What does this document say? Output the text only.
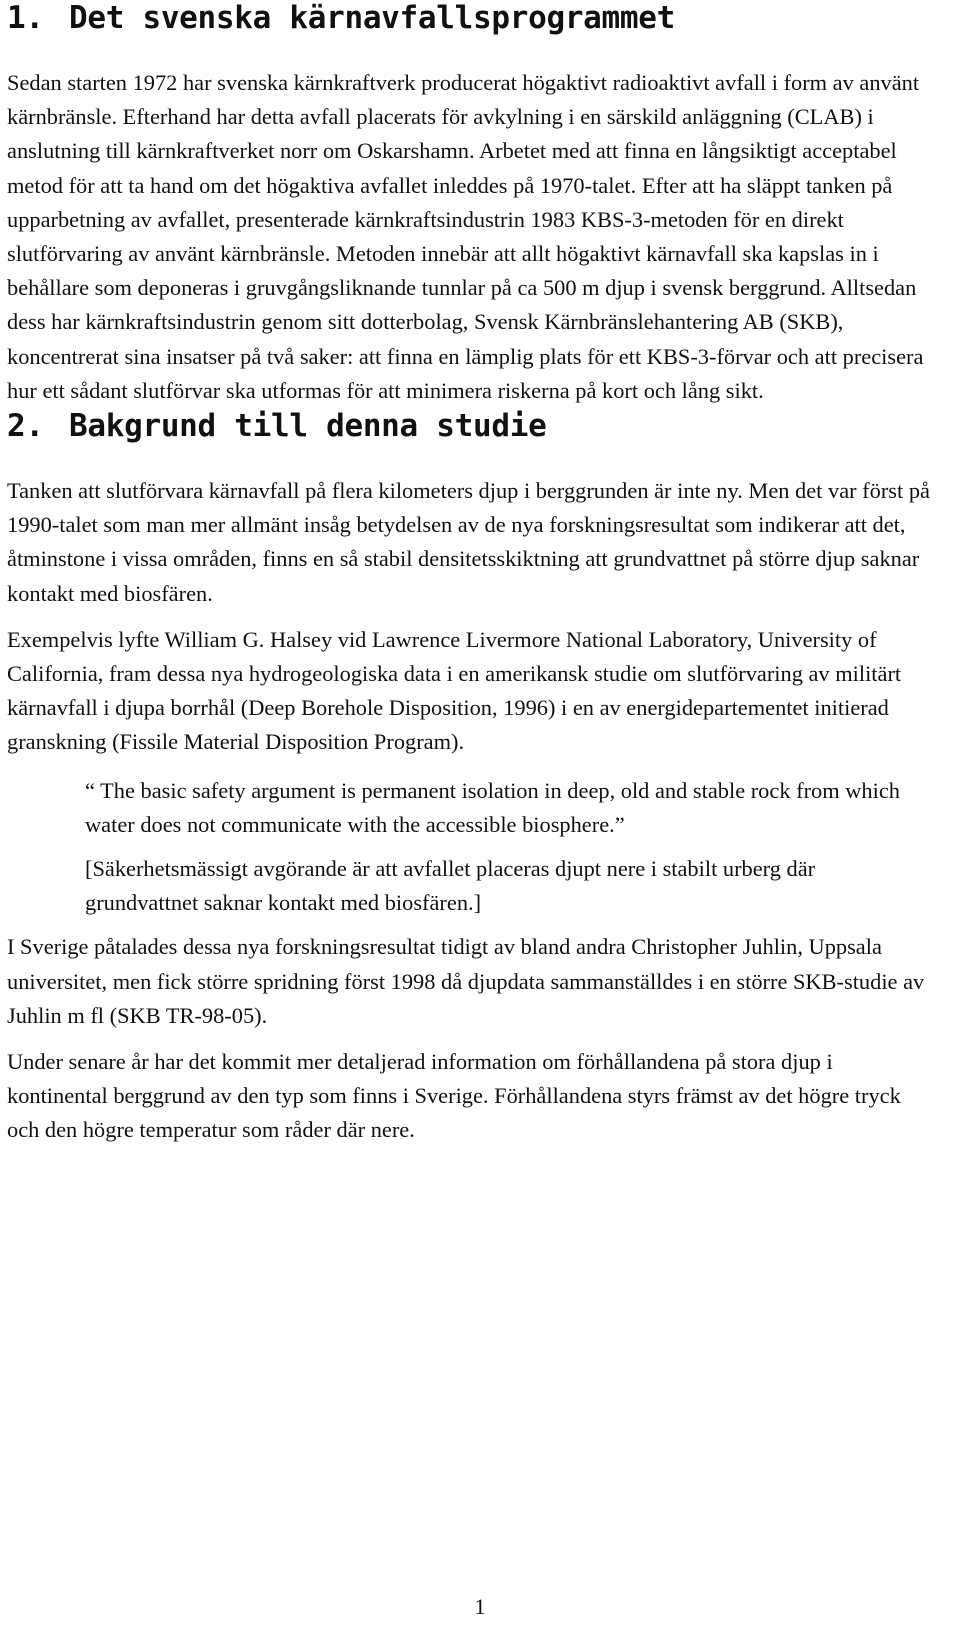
1. Det svenska kärnavfallsprogrammet

Sedan starten 1972 har svenska kärnkraftverk producerat högaktivt radioaktivt avfall i form av använt kärnbränsle. Efterhand har detta avfall placerats för avkylning i en särskild anläggning (CLAB) i anslutning till kärnkraftverket norr om Oskarshamn. Arbetet med att finna en långsiktigt acceptabel metod för att ta hand om det högaktiva avfallet inleddes på 1970-talet. Efter att ha släppt tanken på upparbetning av avfallet, presenterade kärnkraftsindustrin 1983 KBS-3-metoden för en direkt slutförvaring av använt kärnbränsle. Metoden innebär att allt högaktivt kärnavfall ska kapslas in i behållare som deponeras i gruvgångsliknande tunnlar på ca 500 m djup i svensk berggrund. Alltsedan dess har kärnkraftsindustrin genom sitt dotterbolag, Svensk Kärnbränslehantering AB (SKB), koncentrerat sina insatser på två saker: att finna en lämplig plats för ett KBS-3-förvar och att precisera hur ett sådant slutförvar ska utformas för att minimera riskerna på kort och lång sikt.

2. Bakgrund till denna studie

Tanken att slutförvara kärnavfall på flera kilometers djup i berggrunden är inte ny. Men det var först på 1990-talet som man mer allmänt insåg betydelsen av de nya forskningsresultat som indikerar att det, åtminstone i vissa områden, finns en så stabil densitetsskiktning att grundvattnet på större djup saknar kontakt med biosfären.

Exempelvis lyfte William G. Halsey vid Lawrence Livermore National Laboratory, University of California, fram dessa nya hydrogeologiska data i en amerikansk studie om slutförvaring av militärt kärnavfall i djupa borrhål (Deep Borehole Disposition, 1996) i en av energidepartementet initierad granskning (Fissile Material Disposition Program).

“ The basic safety argument is permanent isolation in deep, old and stable rock from which water does not communicate with the accessible biosphere.”

[Säkerhetsmässigt avgörande är att avfallet placeras djupt nere i stabilt urberg där grundvattnet saknar kontakt med biosfären.]

I Sverige påtalades dessa nya forskningsresultat tidigt av bland andra Christopher Juhlin, Uppsala universitet, men fick större spridning först 1998 då djupdata sammanställdes i en större SKB-studie av Juhlin m fl (SKB TR-98-05).

Under senare år har det kommit mer detaljerad information om förhållandena på stora djup i kontinental berggrund av den typ som finns i Sverige. Förhållandena styrs främst av det högre tryck och den högre temperatur som råder där nere.

1
